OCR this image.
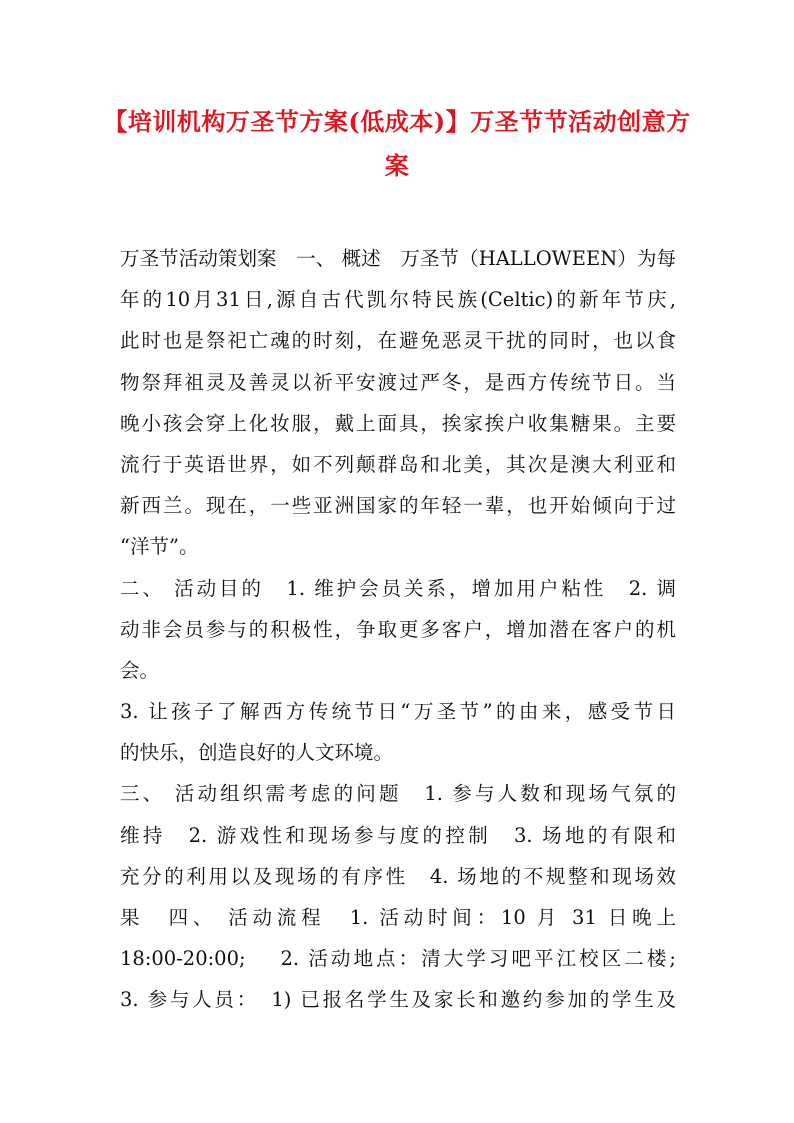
【培训机构万圣节方案(低成本)】万圣节节活动创意方案
万圣节活动策划案　一、 概述　万圣节（HALLOWEEN）为每
年的10月31日,源自古代凯尔特民族(Celtic)的新年节庆,
此时也是祭祀亡魂的时刻，在避免恶灵干扰的同时，也以食
物祭拜祖灵及善灵以祈平安渡过严冬，是西方传统节日。当
晚小孩会穿上化妆服，戴上面具，挨家挨户收集糖果。主要
流行于英语世界，如不列颠群岛和北美，其次是澳大利亚和
新西兰。现在，一些亚洲国家的年轻一辈，也开始倾向于过
“洋节”。
二、 活动目的　1. 维护会员关系，增加用户粘性　2. 调
动非会员参与的积极性，争取更多客户，增加潜在客户的机
会。
3. 让孩子了解西方传统节日“万圣节”的由来，感受节日
的快乐，创造良好的人文环境。
三、 活动组织需考虑的问题　1. 参与人数和现场气氛的
维持　2. 游戏性和现场参与度的控制　3. 场地的有限和
充分的利用以及现场的有序性　4. 场地的不规整和现场效
果　四、 活动流程　1. 活动时间：10 月 31 日晚上
18:00-20:00;　 2. 活动地点：清大学习吧平江校区二楼;
3. 参与人员：　1) 已报名学生及家长和邀约参加的学生及
